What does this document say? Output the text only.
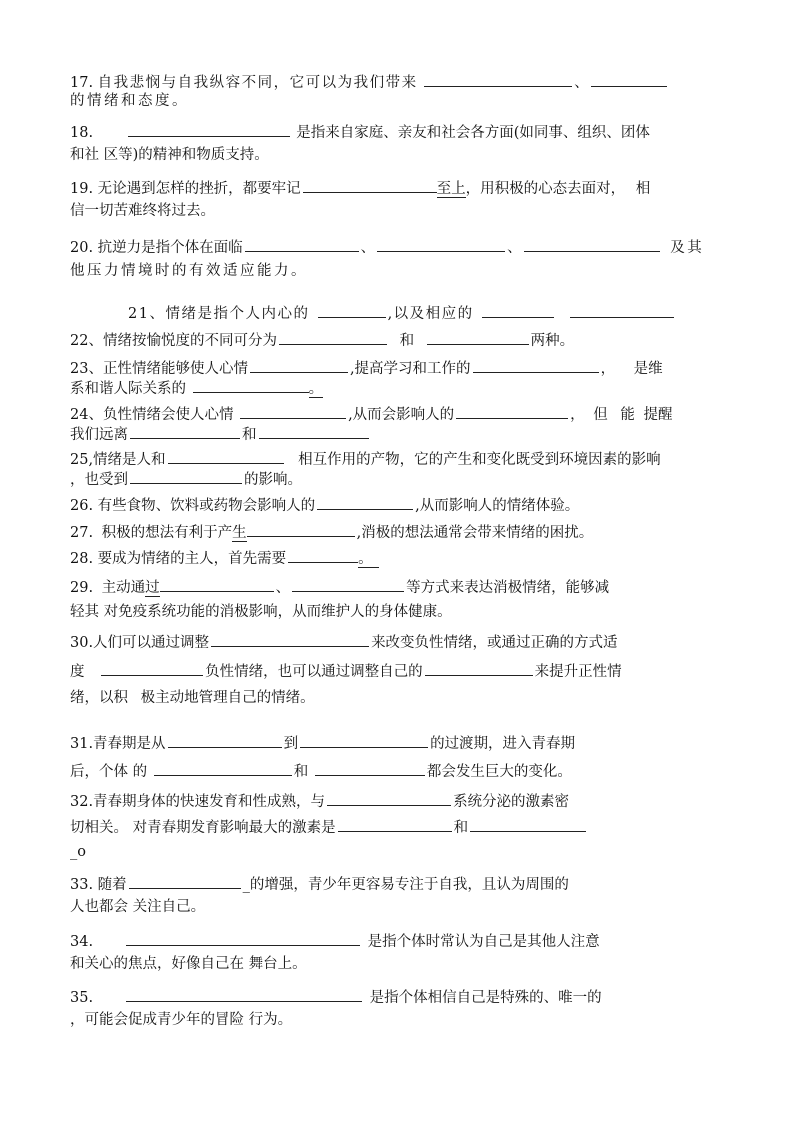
17. 自我悲悯与自我纵容不同，它可以为我们带来	、
的情绪和态度。
18.	是指来自家庭、亲友和社会各方面(如同事、组织、团体
和社 区等)的精神和物质支持。
19. 无论遇到怎样的挫折，都要牢记	至上，用积极的心态去面对， 相
信一切苦难终将过去。
20. 抗逆力是指个体在面临	、	、	及其
他压力情境时的有效适应能力。
21、情绪是指个人内心的	,以及相应的
22、情绪按愉悦度的不同可分为	和	两种。
23、正性情绪能够使人心情	,提高学习和工作的	， 是维
系和谐人际关系的	。
24、负性情绪会使人心情	,从而会影响人的	， 但 能 提醒
我们远离	和
25,情绪是人和	相互作用的产物，它的产生和变化既受到环境因素的影响
，也受到	的影响。
26. 有些食物、饮料或药物会影响人的	,从而影响人的情绪体验。
27. 积极的想法有利于产生	,消极的想法通常会带来情绪的困扰。
28. 要成为情绪的主人，首先需要	。
29. 主动通过	、	等方式来表达消极情绪，能够减
轻其 对免疫系统功能的消极影响，从而维护人的身体健康。
30.人们可以通过调整	来改变负性情绪，或通过正确的方式适
度	负性情绪，也可以通过调整自己的	来提升正性情
绪，以积 极主动地管理自己的情绪。
31.青春期是从	到	的过渡期，进入青春期
后，个体 的	和	都会发生巨大的变化。
32.青春期身体的快速发育和性成熟，与	系统分泌的激素密
切相关。 对青春期发育影响最大的激素是	和
_o
33. 随着	_的增强，青少年更容易专注于自我，且认为周围的
人也都会 关注自己。
34.	是指个体时常认为自己是其他人注意
和关心的焦点，好像自己在 舞台上。
35.	是指个体相信自己是特殊的、唯一的
，可能会促成青少年的冒险 行为。
